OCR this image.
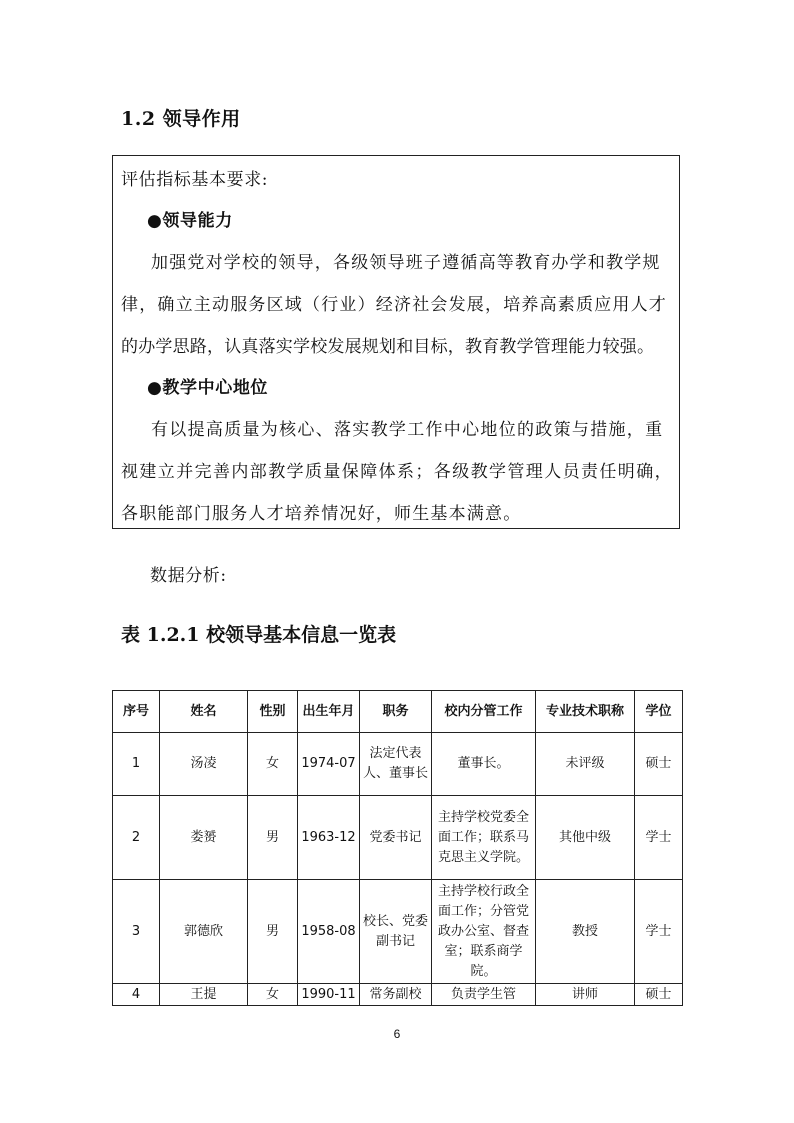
1.2 领导作用
评估指标基本要求:
●领导能力
加强党对学校的领导，各级领导班子遵循高等教育办学和教学规
律，确立主动服务区域（行业）经济社会发展，培养高素质应用人才
的办学思路，认真落实学校发展规划和目标，教育教学管理能力较强。
●教学中心地位
有以提高质量为核心、落实教学工作中心地位的政策与措施，重
视建立并完善内部教学质量保障体系；各级教学管理人员责任明确，
各职能部门服务人才培养情况好，师生基本满意。
数据分析:
表 1.2.1 校领导基本信息一览表
序号	姓名	性别	出生年月	职务	校内分管工作	专业技术职称	学位
1	汤凌	女	1974-07	法定代表人、董事长	董事长。	未评级	硕士
2	娄赟	男	1963-12	党委书记	主持学校党委全面工作；联系马克思主义学院。	其他中级	学士
3	郭德欣	男	1958-08	校长、党委副书记	主持学校行政全面工作；分管党政办公室、督查室；联系商学院。	教授	学士
4	王提	女	1990-11	常务副校	负责学生管	讲师	硕士
6
